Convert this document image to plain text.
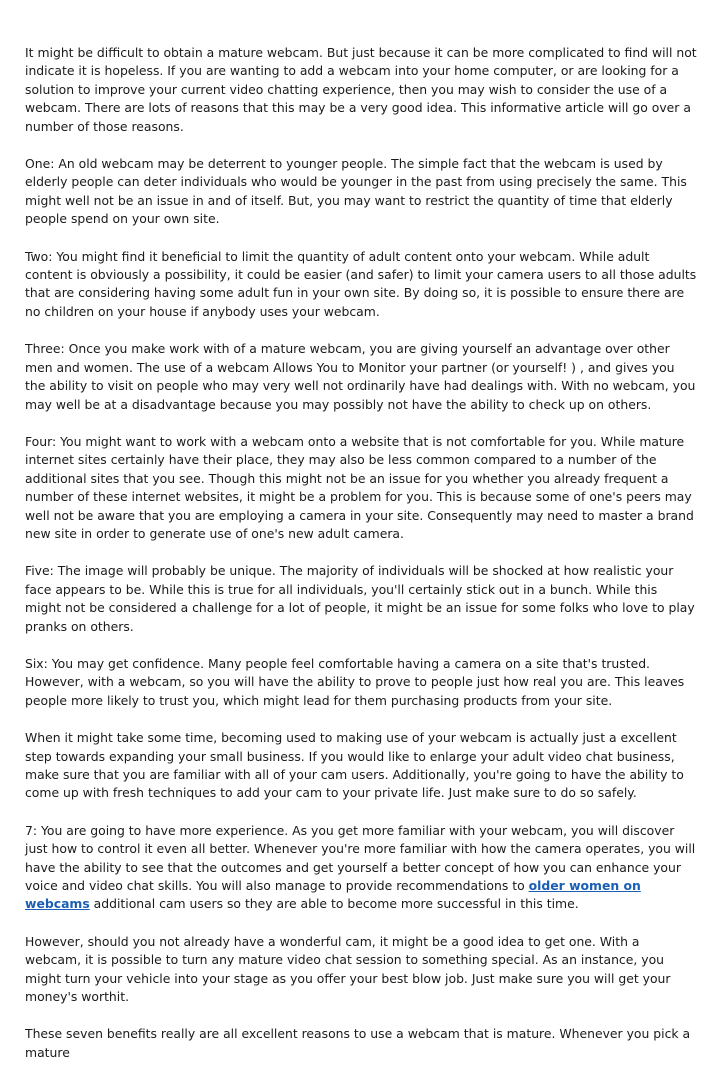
It might be difficult to obtain a mature webcam. But just because it can be more complicated to find will not indicate it is hopeless. If you are wanting to add a webcam into your home computer, or are looking for a solution to improve your current video chatting experience, then you may wish to consider the use of a webcam. There are lots of reasons that this may be a very good idea. This informative article will go over a number of those reasons.

One: An old webcam may be deterrent to younger people. The simple fact that the webcam is used by elderly people can deter individuals who would be younger in the past from using precisely the same. This might well not be an issue in and of itself. But, you may want to restrict the quantity of time that elderly people spend on your own site.

Two: You might find it beneficial to limit the quantity of adult content onto your webcam. While adult content is obviously a possibility, it could be easier (and safer) to limit your camera users to all those adults that are considering having some adult fun in your own site. By doing so, it is possible to ensure there are no children on your house if anybody uses your webcam.

Three: Once you make work with of a mature webcam, you are giving yourself an advantage over other men and women. The use of a webcam Allows You to Monitor your partner (or yourself! ) , and gives you the ability to visit on people who may very well not ordinarily have had dealings with. With no webcam, you may well be at a disadvantage because you may possibly not have the ability to check up on others.

Four: You might want to work with a webcam onto a website that is not comfortable for you. While mature internet sites certainly have their place, they may also be less common compared to a number of the additional sites that you see. Though this might not be an issue for you whether you already frequent a number of these internet websites, it might be a problem for you. This is because some of one's peers may well not be aware that you are employing a camera in your site. Consequently may need to master a brand new site in order to generate use of one's new adult camera.

Five: The image will probably be unique. The majority of individuals will be shocked at how realistic your face appears to be. While this is true for all individuals, you'll certainly stick out in a bunch. While this might not be considered a challenge for a lot of people, it might be an issue for some folks who love to play pranks on others.

Six: You may get confidence. Many people feel comfortable having a camera on a site that's trusted. However, with a webcam, so you will have the ability to prove to people just how real you are. This leaves people more likely to trust you, which might lead for them purchasing products from your site.

When it might take some time, becoming used to making use of your webcam is actually just a excellent step towards expanding your small business. If you would like to enlarge your adult video chat business, make sure that you are familiar with all of your cam users. Additionally, you're going to have the ability to come up with fresh techniques to add your cam to your private life. Just make sure to do so safely.

7: You are going to have more experience. As you get more familiar with your webcam, you will discover just how to control it even all better. Whenever you're more familiar with how the camera operates, you will have the ability to see that the outcomes and get yourself a better concept of how you can enhance your voice and video chat skills. You will also manage to provide recommendations to older women on webcams additional cam users so they are able to become more successful in this time.

However, should you not already have a wonderful cam, it might be a good idea to get one. With a webcam, it is possible to turn any mature video chat session to something special. As an instance, you might turn your vehicle into your stage as you offer your best blow job. Just make sure you will get your money's worthit.

These seven benefits really are all excellent reasons to use a webcam that is mature. Whenever you pick a mature
